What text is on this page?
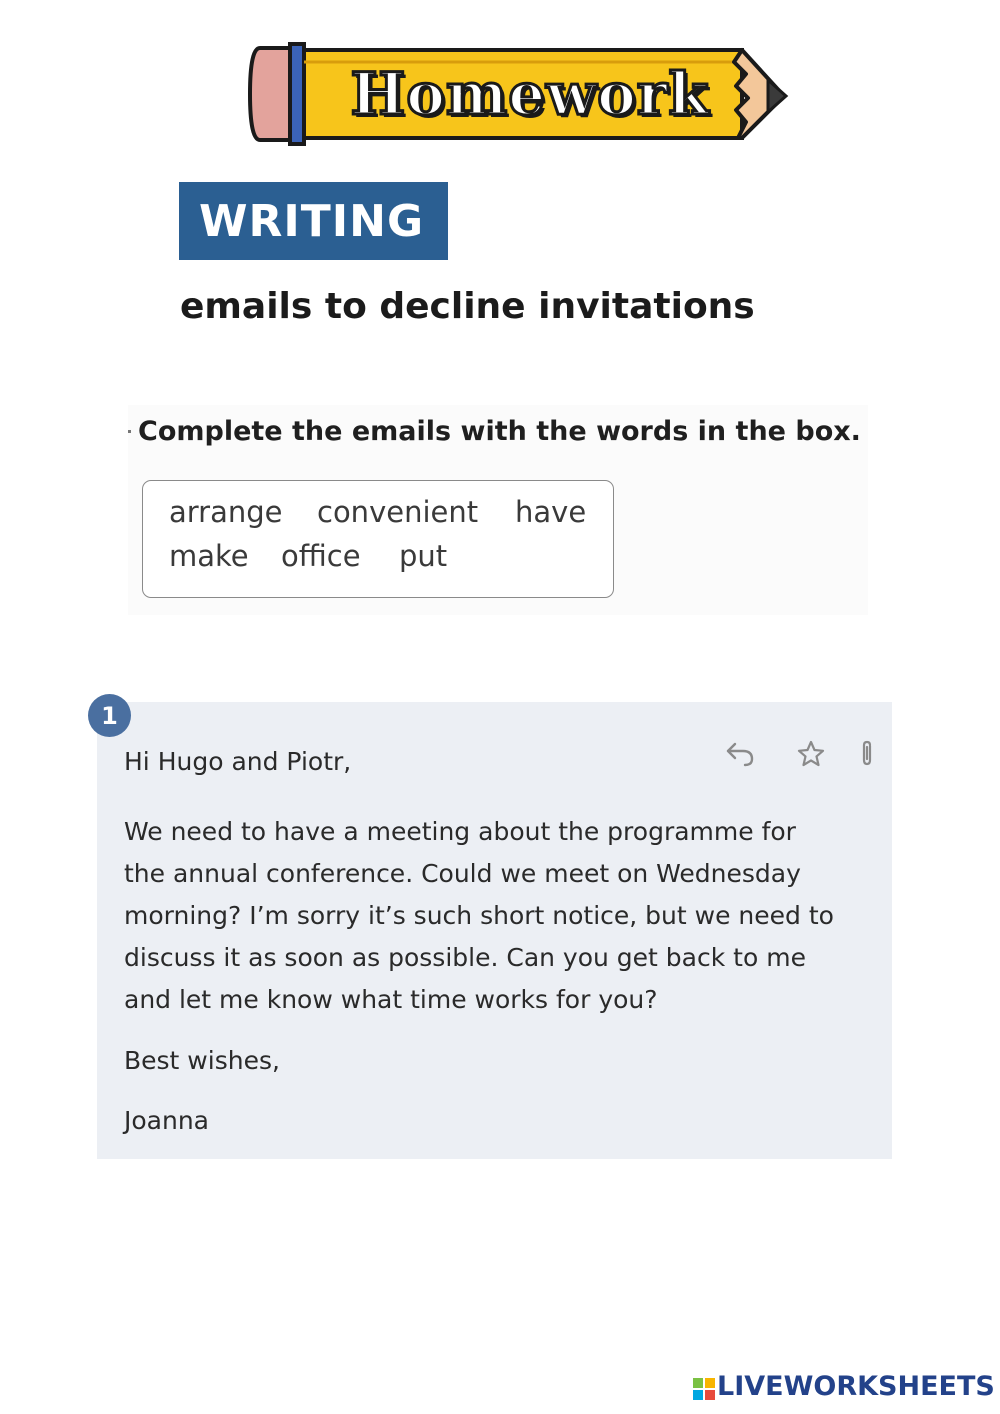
Homework
WRITING
emails to decline invitations
Complete the emails with the words in the box.
arrange convenient have
make office put
1
Hi Hugo and Piotr,
We need to have a meeting about the programme for
the annual conference. Could we meet on Wednesday
morning? I’m sorry it’s such short notice, but we need to
discuss it as soon as possible. Can you get back to me
and let me know what time works for you?
Best wishes,
Joanna
LIVEWORKSHEETS
